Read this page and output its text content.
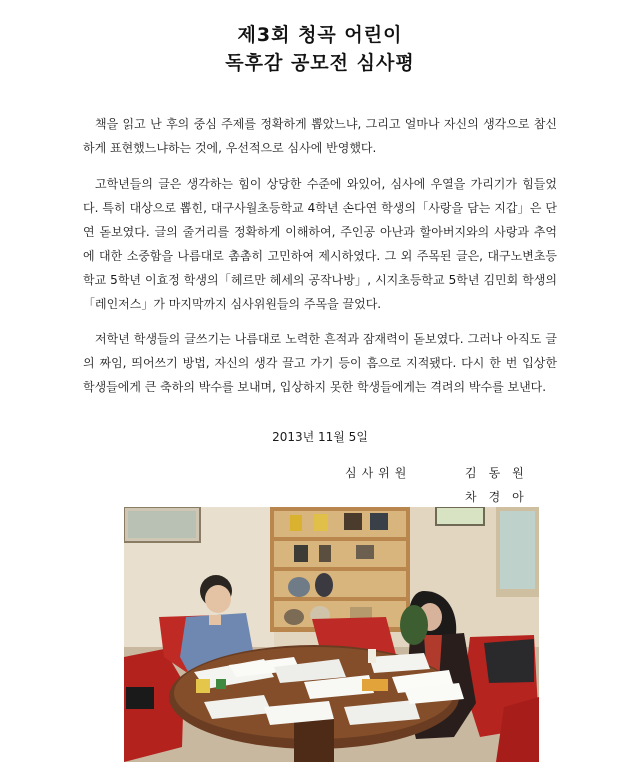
제3회 청곡 어린이
독후감 공모전 심사평

책을 읽고 난 후의 중심 주제를 정확하게 뽑았느냐, 그리고 얼마나 자신의 생각으로 참신하게 표현했느냐하는 것에, 우선적으로 심사에 반영했다.

고학년들의 글은 생각하는 힘이 상당한 수준에 와있어, 심사에 우열을 가리기가 힘들었다. 특히 대상으로 뽑힌, 대구사월초등학교 4학년 손다연 학생의「사랑을 담는 지갑」은 단연 돋보였다. 글의 줄거리를 정확하게 이해하여, 주인공 아난과 할아버지와의 사랑과 추억에 대한 소중함을 나름대로 촘촘히 고민하여 제시하였다. 그 외 주목된 글은, 대구노변초등학교 5학년 이효정 학생의「헤르만 헤세의 공작나방」, 시지초등학교 5학년 김민회 학생의「레인저스」가 마지막까지 심사위원들의 주목을 끌었다.

저학년 학생들의 글쓰기는 나름대로 노력한 흔적과 잠재력이 돋보였다. 그러나 아직도 글의 짜임, 띄어쓰기 방법, 자신의 생각 끌고 가기 등이 흠으로 지적됐다. 다시 한 번 입상한 학생들에게 큰 축하의 박수를 보내며, 입상하지 못한 학생들에게는 격려의 박수를 보낸다.

2013년 11월 5일
심사위원	김동원
차경아
